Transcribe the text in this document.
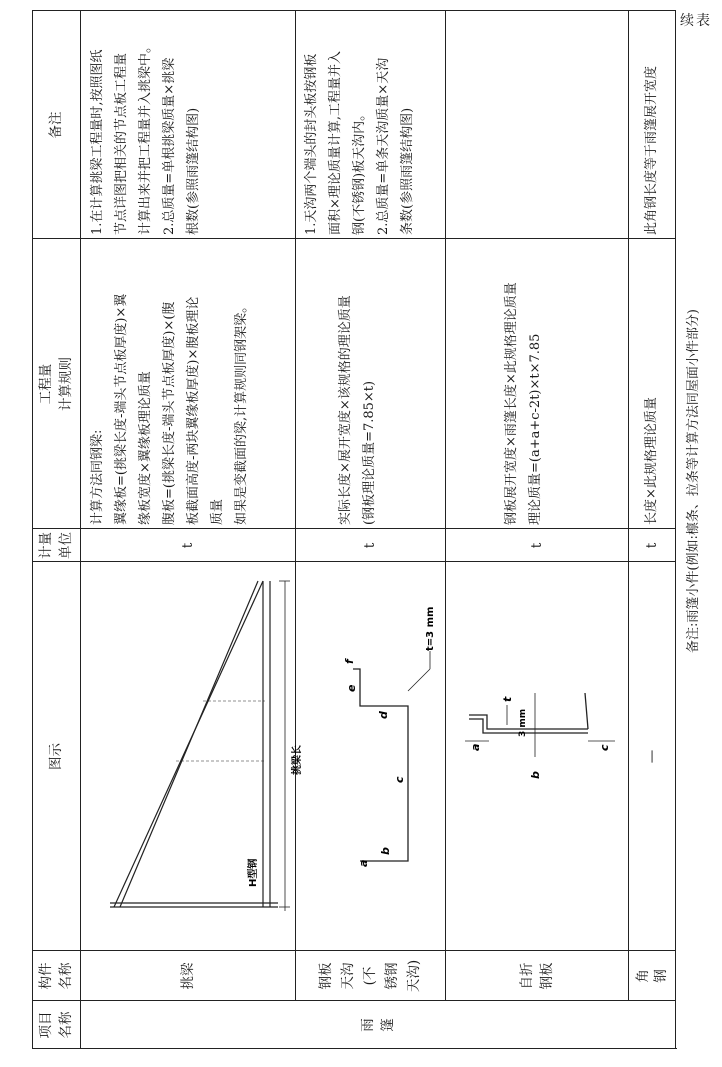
续表
项目名称
构件名称
图示
计量单位
工程量 计算规则
备注
雨 篷
挑梁
H型钢
挑梁长
t
计算方法同钢梁: 翼缘板=(挑梁长度-端头节点板厚度)×翼 缘板宽度×翼缘板理论质量 腹板=(挑梁长度-端头节点板厚度)×(腹 板截面高度-两块翼缘板厚度)×腹板理论 质量 如果是变截面的梁,计算规则同钢架梁。
1.在计算挑梁工程量时,按照图纸 节点详图把相关的节点板工程量 计算出来并把工程量并入挑梁中。 2.总质量=单根挑梁质量×挑梁 根数(参照雨篷结构图)
钢板 天沟 (不 锈钢 天沟)
a
b
c
d
e
f
t=3 mm
t
实际长度×展开宽度×该规格的理论质量 (钢板理论质量=7.85×t)
1.天沟两个端头的封头板按钢板 面积×理论质量计算,工程量并入 钢(不锈钢)板天沟内。 2.总质量=单条天沟质量×天沟 条数(参照雨篷结构图)
自折 钢板
a
b
c
t
3 mm
t
钢板展开宽度×雨篷长度×此规格理论质量 理论质量=(a+a+c-2t)×t×7.85
角 钢
—
t
长度×此规格理论质量
此角钢长度等于雨篷展开宽度
备注:雨篷小件(例如:檩条、拉条等计算方法同屋面小件部分)
